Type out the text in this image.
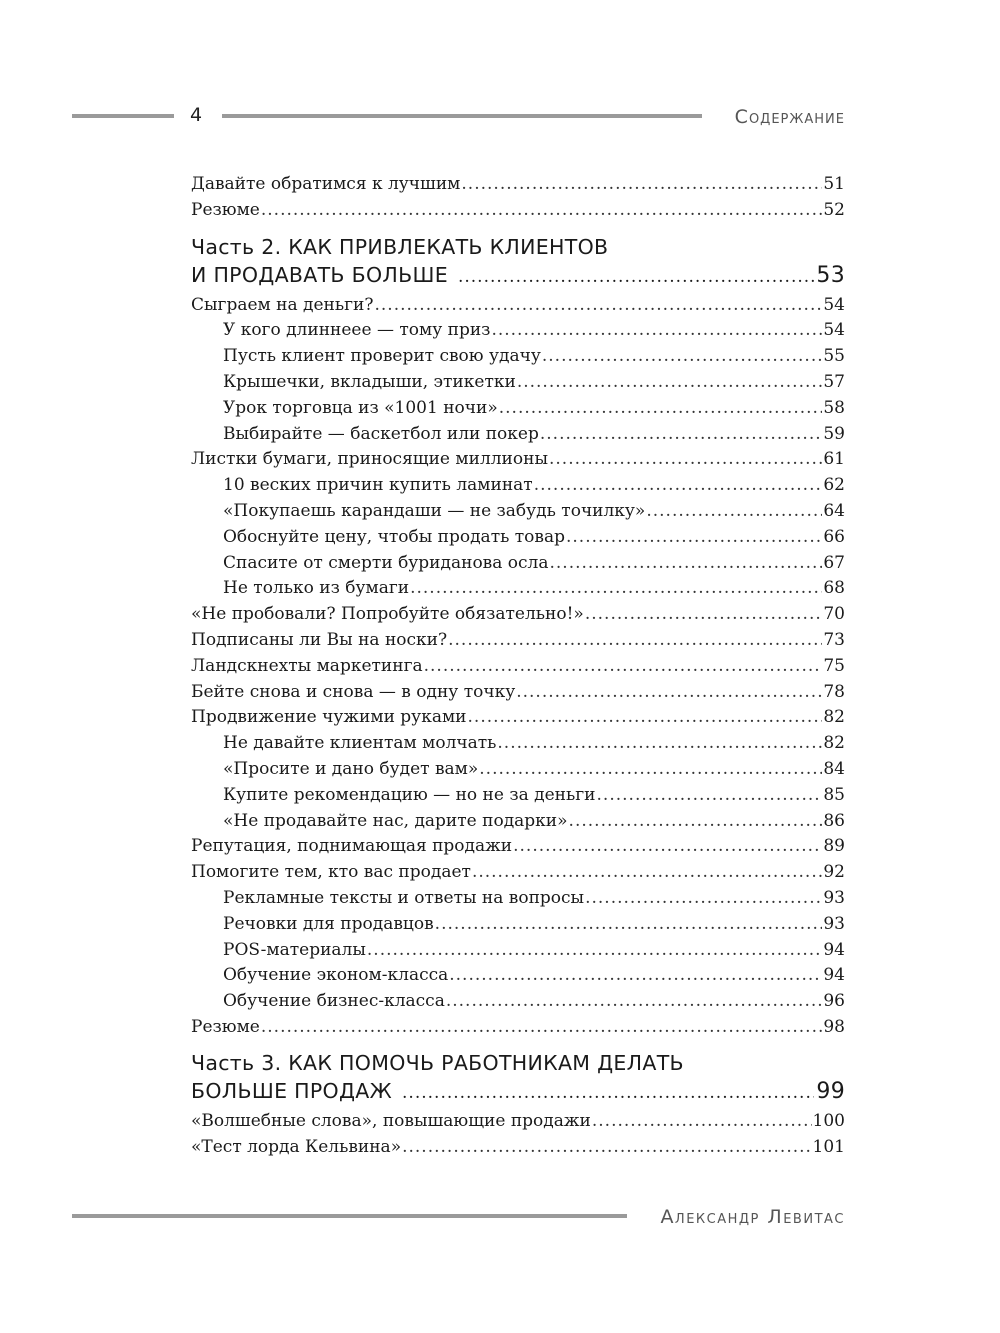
4	Содержание
Давайте обратимся к лучшим .....	51
Резюме .....	52
Часть 2. КАК ПРИВЛЕКАТЬ КЛИЕНТОВ
И ПРОДАВАТЬ БОЛЬШЕ .....	53
Сыграем на деньги? .....	54
У кого длиннеее — тому приз .....	54
Пусть клиент проверит свою удачу .....	55
Крышечки, вкладыши, этикетки .....	57
Урок торговца из «1001 ночи» .....	58
Выбирайте — баскетбол или покер .....	59
Листки бумаги, приносящие миллионы .....	61
10 веских причин купить ламинат .....	62
«Покупаешь карандаши — не забудь точилку» .....	64
Обоснуйте цену, чтобы продать товар .....	66
Спасите от смерти буриданова осла .....	67
Не только из бумаги .....	68
«Не пробовали? Попробуйте обязательно!» .....	70
Подписаны ли Вы на носки? .....	73
Ландскнехты маркетинга .....	75
Бейте снова и снова — в одну точку .....	78
Продвижение чужими руками .....	82
Не давайте клиентам молчать .....	82
«Просите и дано будет вам» .....	84
Купите рекомендацию — но не за деньги .....	85
«Не продавайте нас, дарите подарки» .....	86
Репутация, поднимающая продажи .....	89
Помогите тем, кто вас продает .....	92
Рекламные тексты и ответы на вопросы .....	93
Речовки для продавцов .....	93
POS-материалы .....	94
Обучение эконом-класса .....	94
Обучение бизнес-класса .....	96
Резюме .....	98
Часть 3. КАК ПОМОЧЬ РАБОТНИКАМ ДЕЛАТЬ
БОЛЬШЕ ПРОДАЖ .....	99
«Волшебные слова», повышающие продажи .....	100
«Тест лорда Кельвина» .....	101
Александр Левитас
